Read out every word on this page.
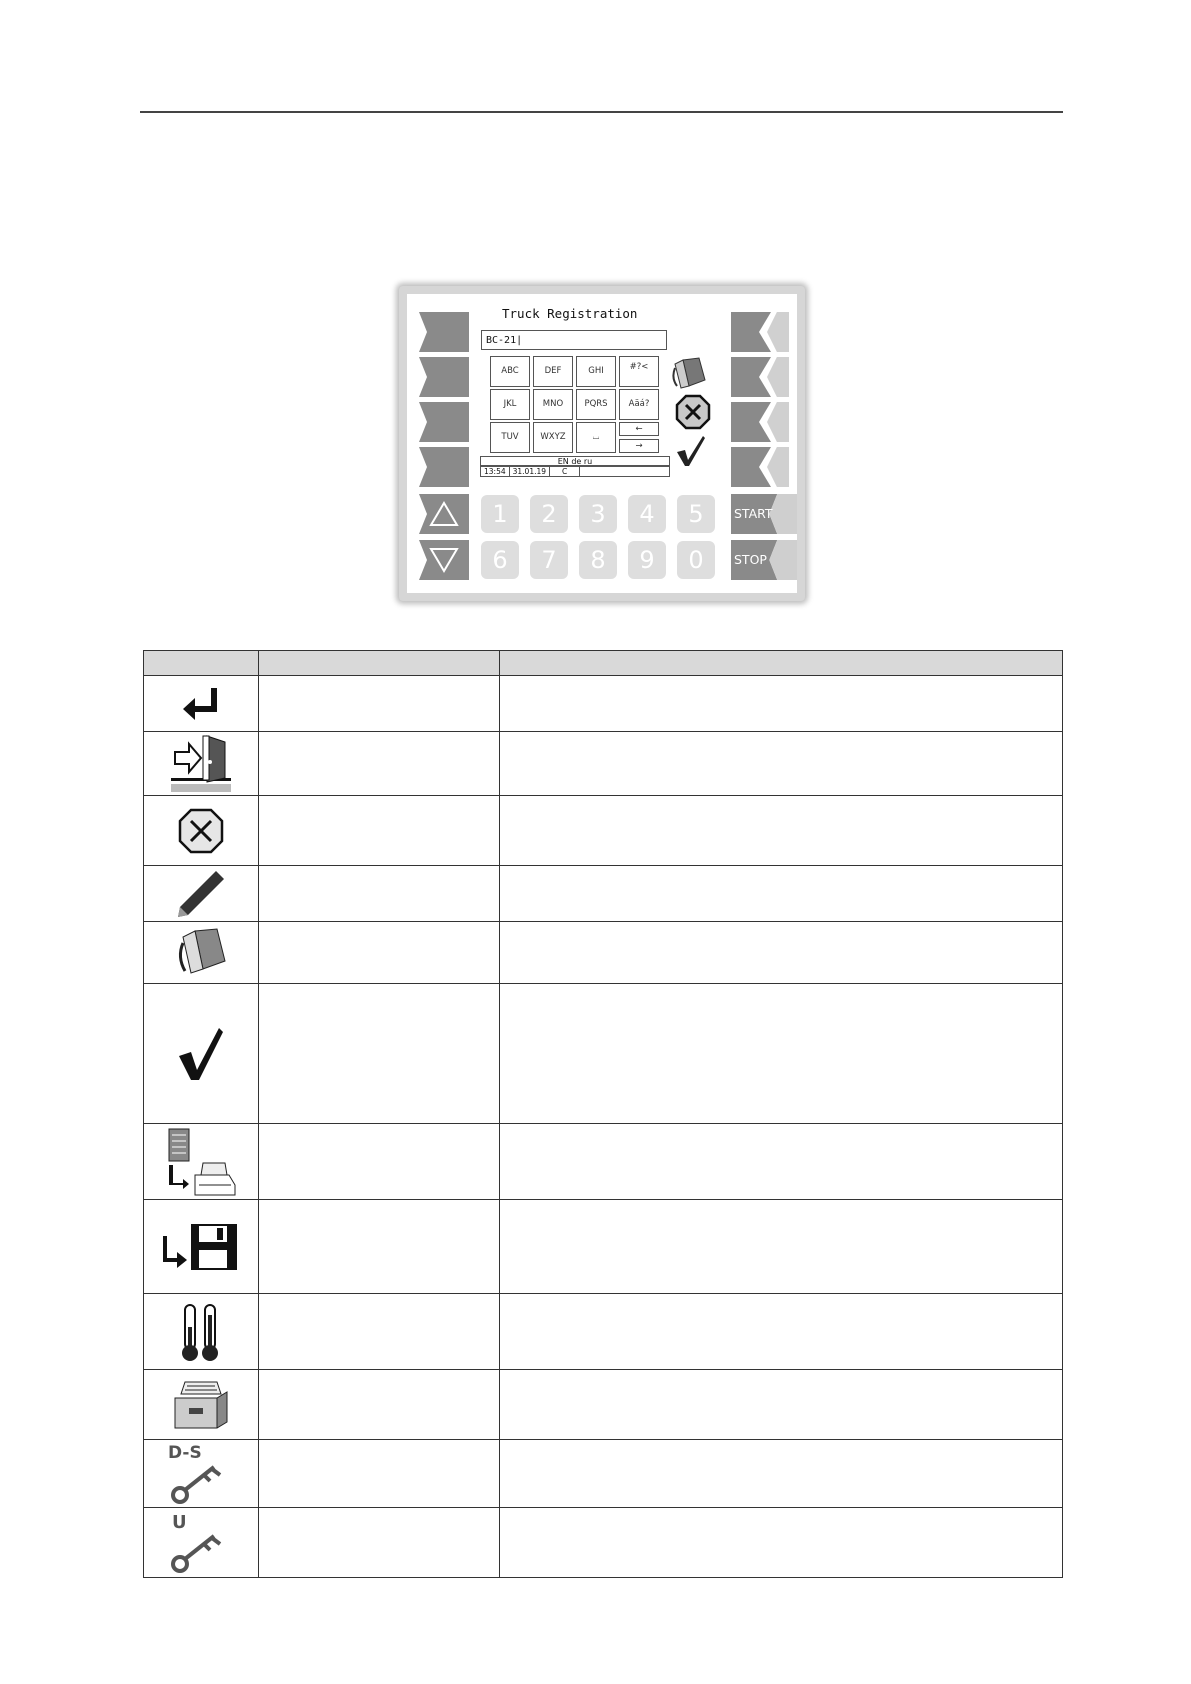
Truck Registration
BC-21|
ABC	DEF	GHI	#?<
JKL	MNO	PQRS	Aäá?
TUV	WXYZ	⌴
←
→
EN de ru
13:54 31.01.19	C
1	2	3	4	5
6	7	8	9	0
START
STOP

D-S		

U		
